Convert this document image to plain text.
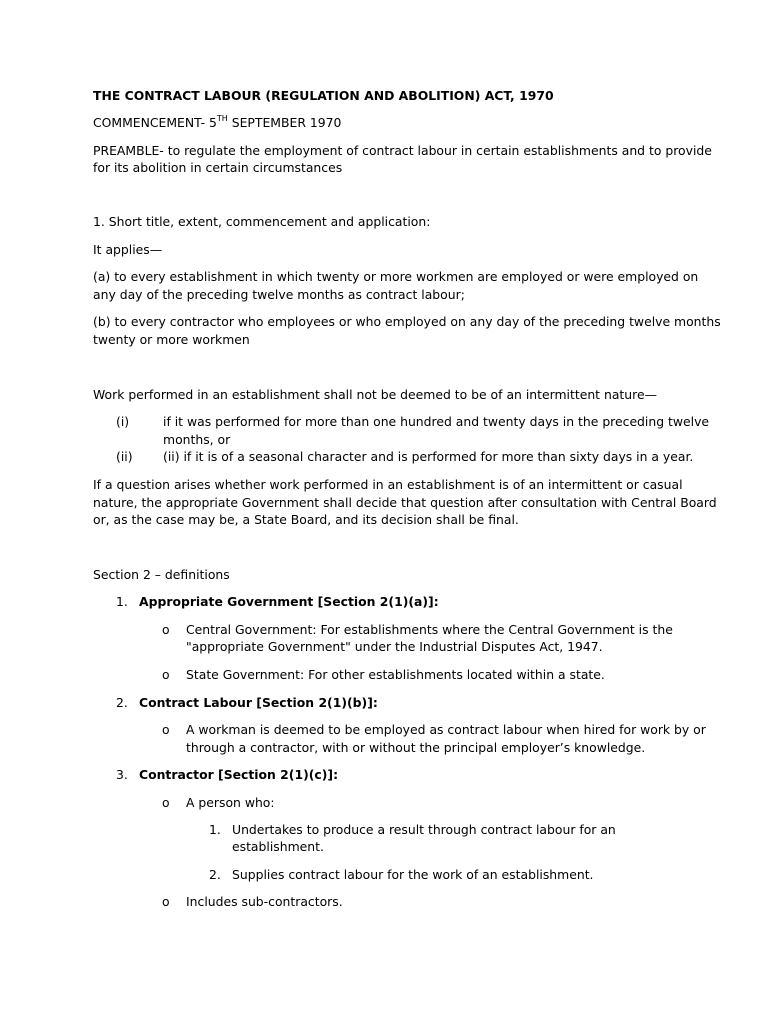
THE CONTRACT LABOUR (REGULATION AND ABOLITION) ACT, 1970
COMMENCEMENT- 5TH SEPTEMBER 1970
PREAMBLE- to regulate the employment of contract labour in certain establishments and to provide
for its abolition in certain circumstances
1. Short title, extent, commencement and application:
It applies—
(a) to every establishment in which twenty or more workmen are employed or were employed on
any day of the preceding twelve months as contract labour;
(b) to every contractor who employees or who employed on any day of the preceding twelve months
twenty or more workmen
Work performed in an establishment shall not be deemed to be of an intermittent nature—
(i)	if it was performed for more than one hundred and twenty days in the preceding twelve
months, or
(ii) (ii) if it is of a seasonal character and is performed for more than sixty days in a year.
If a question arises whether work performed in an establishment is of an intermittent or casual
nature, the appropriate Government shall decide that question after consultation with Central Board
or, as the case may be, a State Board, and its decision shall be final.
Section 2 – definitions
1. Appropriate Government [Section 2(1)(a)]:
o Central Government: For establishments where the Central Government is the
"appropriate Government" under the Industrial Disputes Act, 1947.
o State Government: For other establishments located within a state.
2. Contract Labour [Section 2(1)(b)]:
o A workman is deemed to be employed as contract labour when hired for work by or
through a contractor, with or without the principal employer’s knowledge.
3. Contractor [Section 2(1)(c)]:
o A person who:
1. Undertakes to produce a result through contract labour for an
establishment.
2. Supplies contract labour for the work of an establishment.
o Includes sub-contractors.
